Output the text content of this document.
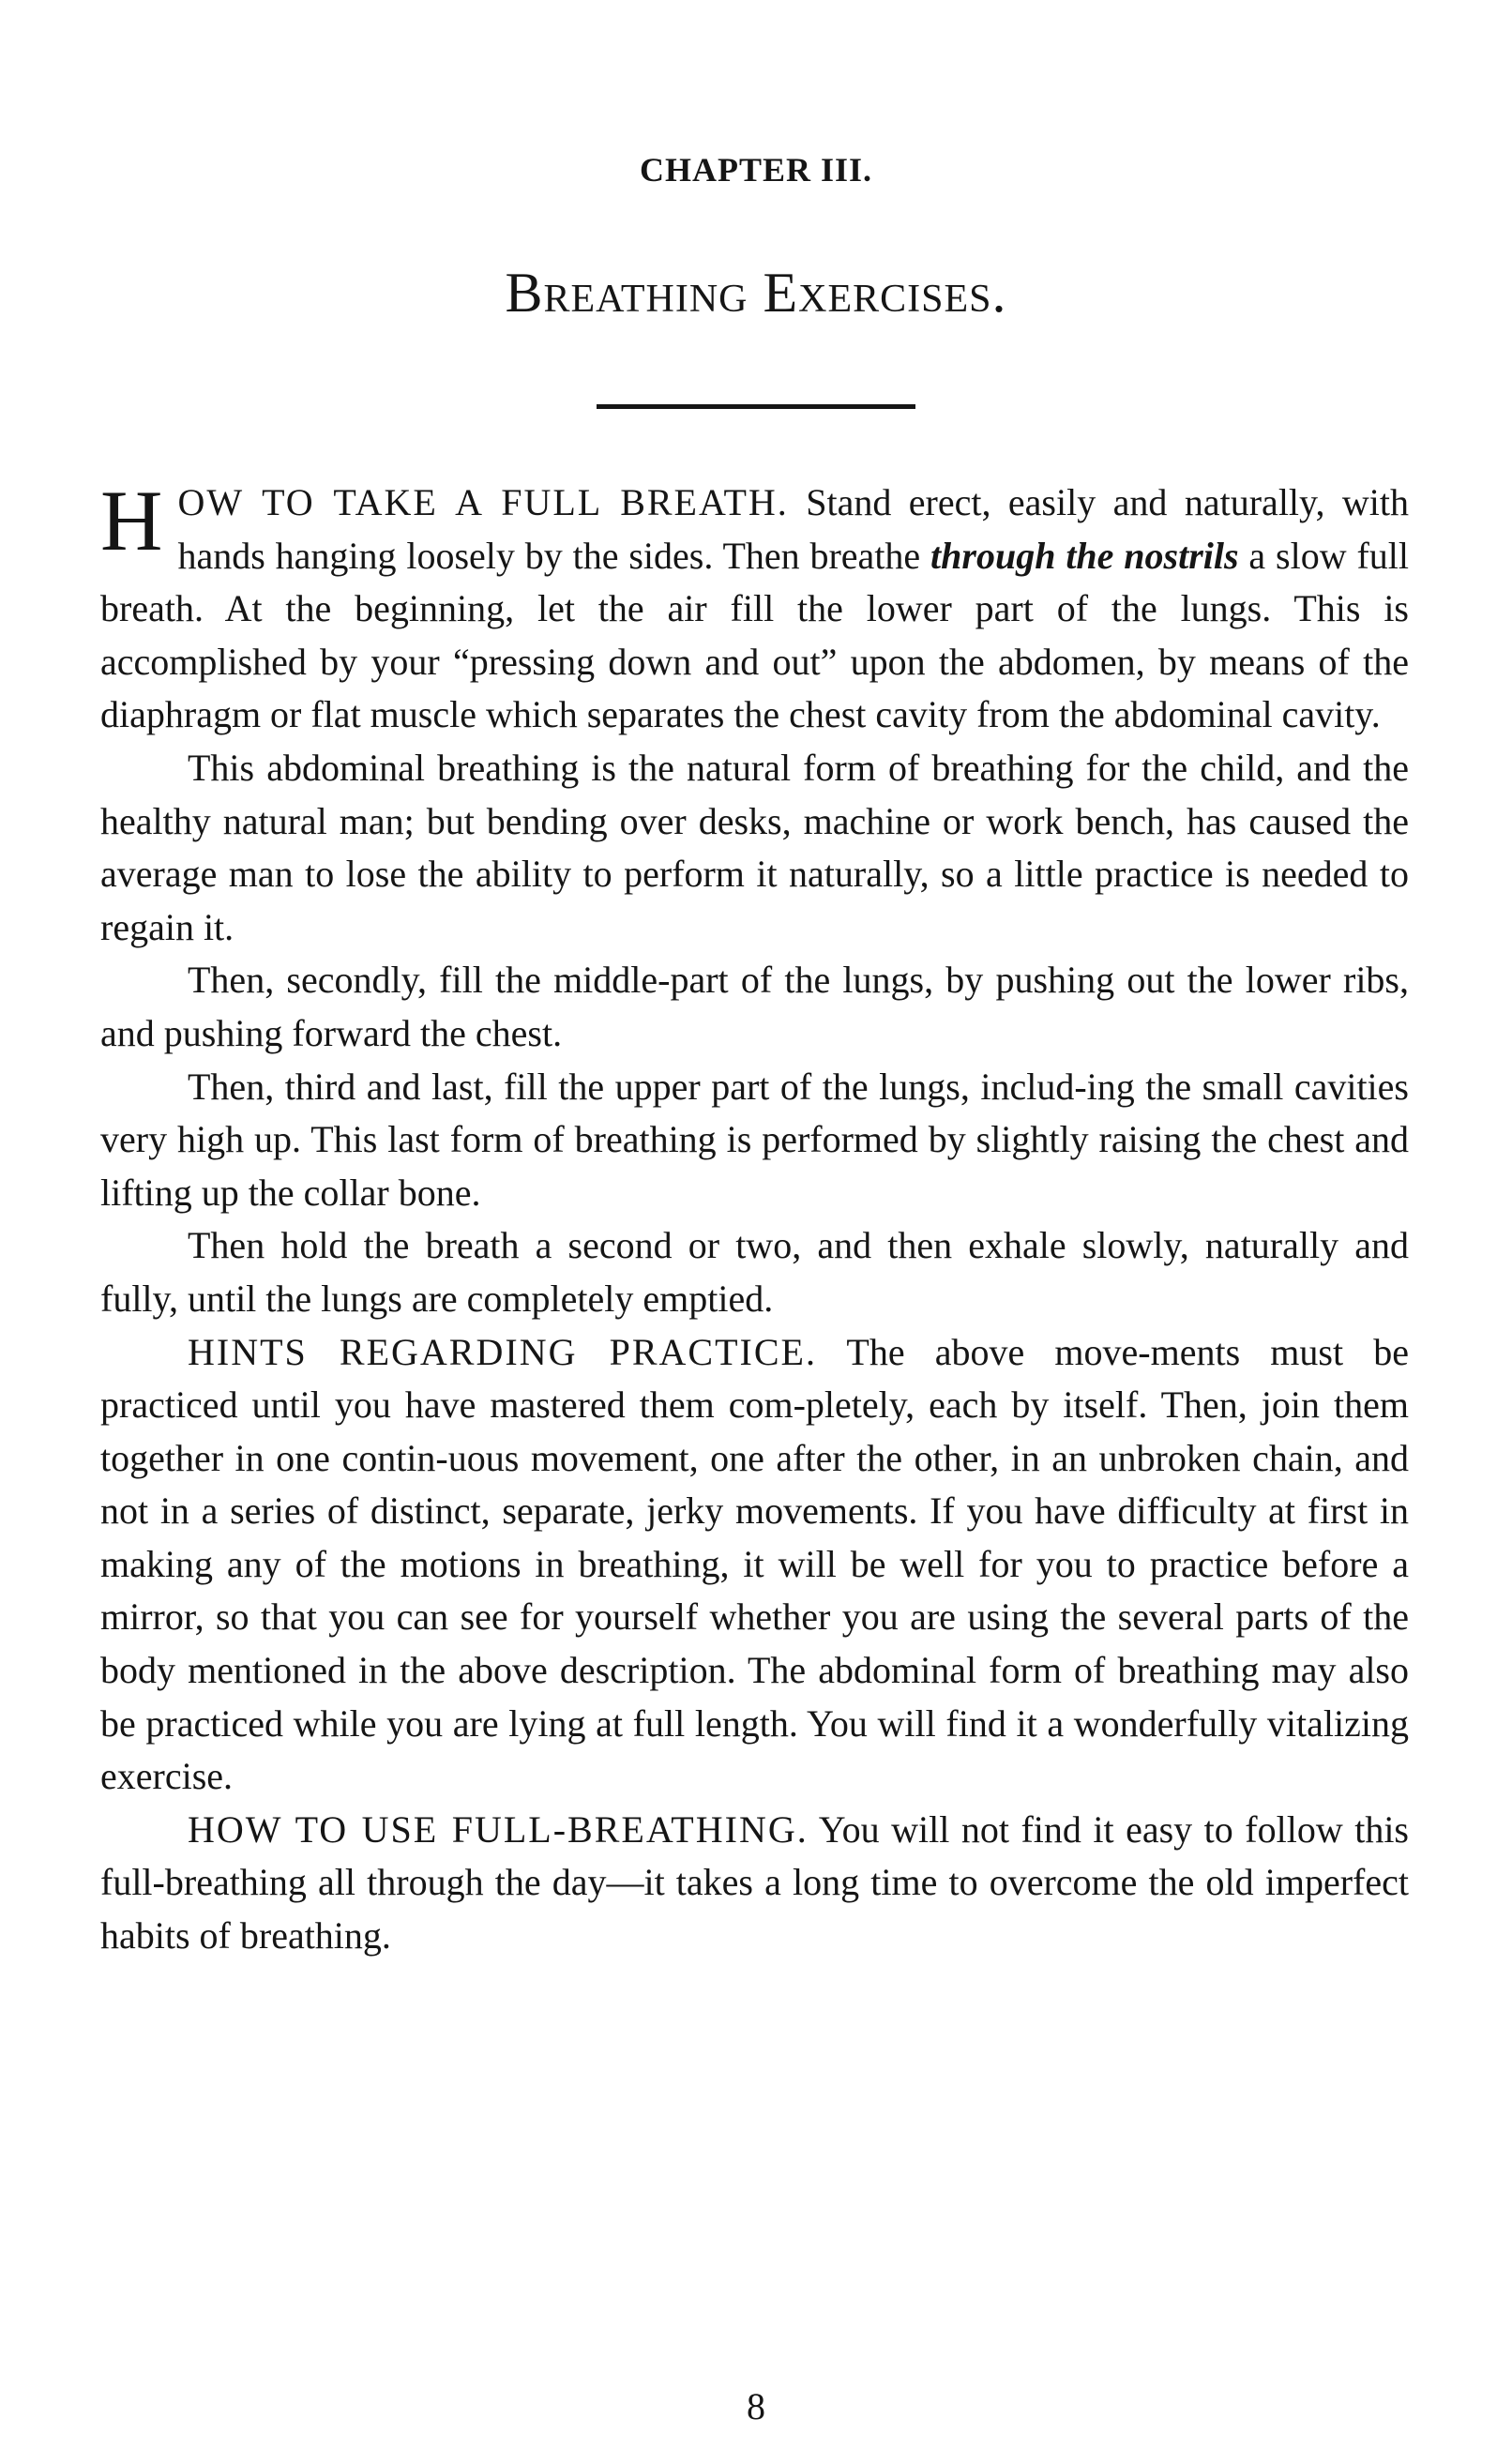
CHAPTER III.
Breathing Exercises.

HOW TO TAKE A FULL BREATH. Stand erect, easily and naturally, with hands hanging loosely by the sides. Then breathe through the nostrils a slow full breath. At the beginning, let the air fill the lower part of the lungs. This is accomplished by your “pressing down and out” upon the abdomen, by means of the diaphragm or flat muscle which separates the chest cavity from the abdominal cavity.

This abdominal breathing is the natural form of breathing for the child, and the healthy natural man; but bending over desks, machine or work bench, has caused the average man to lose the ability to perform it naturally, so a little practice is needed to regain it.

Then, secondly, fill the middle-part of the lungs, by pushing out the lower ribs, and pushing forward the chest.

Then, third and last, fill the upper part of the lungs, includ-ing the small cavities very high up. This last form of breathing is performed by slightly raising the chest and lifting up the collar bone.

Then hold the breath a second or two, and then exhale slowly, naturally and fully, until the lungs are completely emptied.

HINTS REGARDING PRACTICE. The above move-ments must be practiced until you have mastered them com-pletely, each by itself. Then, join them together in one contin-uous movement, one after the other, in an unbroken chain, and not in a series of distinct, separate, jerky movements. If you have difficulty at first in making any of the motions in breathing, it will be well for you to practice before a mirror, so that you can see for yourself whether you are using the several parts of the body mentioned in the above description. The abdominal form of breathing may also be practiced while you are lying at full length. You will find it a wonderfully vitalizing exercise.

HOW TO USE FULL-BREATHING. You will not find it easy to follow this full-breathing all through the day—it takes a long time to overcome the old imperfect habits of breathing.

8
